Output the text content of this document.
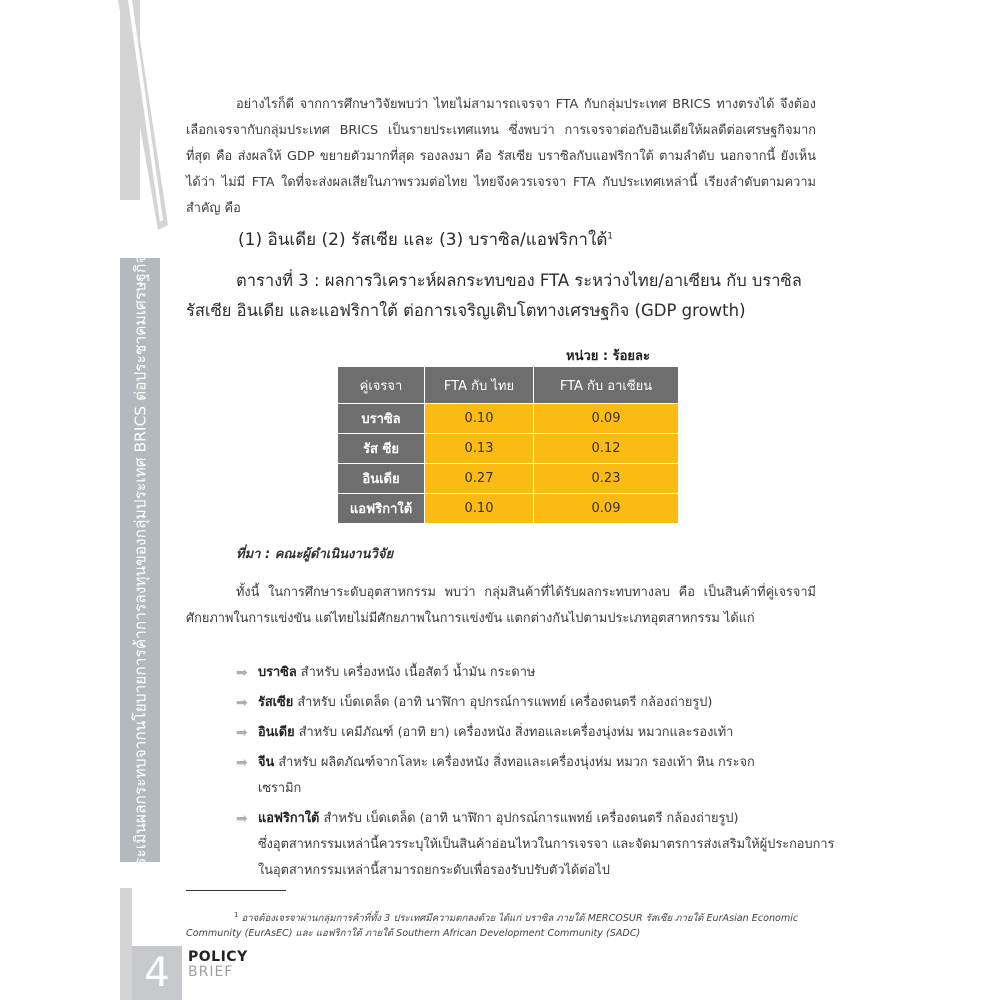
◆ การประเมินผลกระทบจากนโยบายการค้าการลงทุนของกลุ่มประเทศ BRICS ต่อประชาคมเศรษฐกิจอาเซียน
4	POLICY
BRIEF

อย่างไรก็ดี จากการศึกษาวิจัยพบว่า ไทยไม่สามารถเจรจา FTA กับกลุ่มประเทศ BRICS ทางตรงได้ จึงต้องเลือกเจรจากับกลุ่มประเทศ BRICS เป็นรายประเทศแทน ซึ่งพบว่า การเจรจาต่อกับอินเดียให้ผลดีต่อเศรษฐกิจมากที่สุด คือ ส่งผลให้ GDP ขยายตัวมากที่สุด รองลงมา คือ รัสเซีย บราซิลกับแอฟริกาใต้ ตามลำดับ นอกจากนี้ ยังเห็นได้ว่า ไม่มี FTA ใดที่จะส่งผลเสียในภาพรวมต่อไทย ไทยจึงควรเจรจา FTA กับประเทศเหล่านี้ เรียงลำดับตามความสำคัญ คือ

(1) อินเดีย (2) รัสเซีย และ (3) บราซิล/แอฟริกาใต้$^1$

ตารางที่ 3 : ผลการวิเคราะห์ผลกระทบของ FTA ระหว่างไทย/อาเซียน กับ บราซิล รัสเซีย อินเดีย และแอฟริกาใต้ ต่อการเจริญเติบโตทางเศรษฐกิจ (GDP growth)

หน่วย : ร้อยละ
คู่เจรจา	FTA กับ ไทย	FTA กับ อาเซียน
บราซิล	0.10	0.09
รัส ซีย	0.13	0.12
อินเดีย	0.27	0.23
แอฟริกาใต้	0.10	0.09
ที่มา : คณะผู้ดำเนินงานวิจัย

ทั้งนี้ ในการศึกษาระดับอุตสาหกรรม พบว่า กลุ่มสินค้าที่ได้รับผลกระทบทางลบ คือ เป็นสินค้าที่คู่เจรจามีศักยภาพในการแข่งขัน แต่ไทยไม่มีศักยภาพในการแข่งขัน แตกต่างกันไปตามประเภทอุตสาหกรรม ได้แก่

➡ บราซิล สำหรับ เครื่องหนัง เนื้อสัตว์ น้ำมัน กระดาษ
➡ รัสเซีย สำหรับ เบ็ดเตล็ด (อาทิ นาฬิกา อุปกรณ์การแพทย์ เครื่องดนตรี กล้องถ่ายรูป)
➡ อินเดีย สำหรับ เคมีภัณฑ์ (อาทิ ยา) เครื่องหนัง สิ่งทอและเครื่องนุ่งห่ม หมวกและรองเท้า
➡ จีน สำหรับ ผลิตภัณฑ์จากโลหะ เครื่องหนัง สิ่งทอและเครื่องนุ่งห่ม หมวก รองเท้า หิน กระจก
เซรามิก
➡ แอฟริกาใต้ สำหรับ เบ็ดเตล็ด (อาทิ นาฬิกา อุปกรณ์การแพทย์ เครื่องดนตรี กล้องถ่ายรูป)
ซึ่งอุตสาหกรรมเหล่านี้ควรระบุให้เป็นสินค้าอ่อนไหวในการเจรจา และจัดมาตรการส่งเสริมให้ผู้ประกอบการในอุตสาหกรรมเหล่านี้สามารถยกระดับเพื่อรองรับปรับตัวได้ต่อไป

$^1$ อาจต้องเจรจาผ่านกลุ่มการค้าที่ทั้ง 3 ประเทศมีความตกลงด้วย ได้แก่ บราซิล ภายใต้ MERCOSUR รัสเซีย ภายใต้ EurAsian Economic Community (EurAsEC) และ แอฟริกาใต้ ภายใต้ Southern African Development Community (SADC)
